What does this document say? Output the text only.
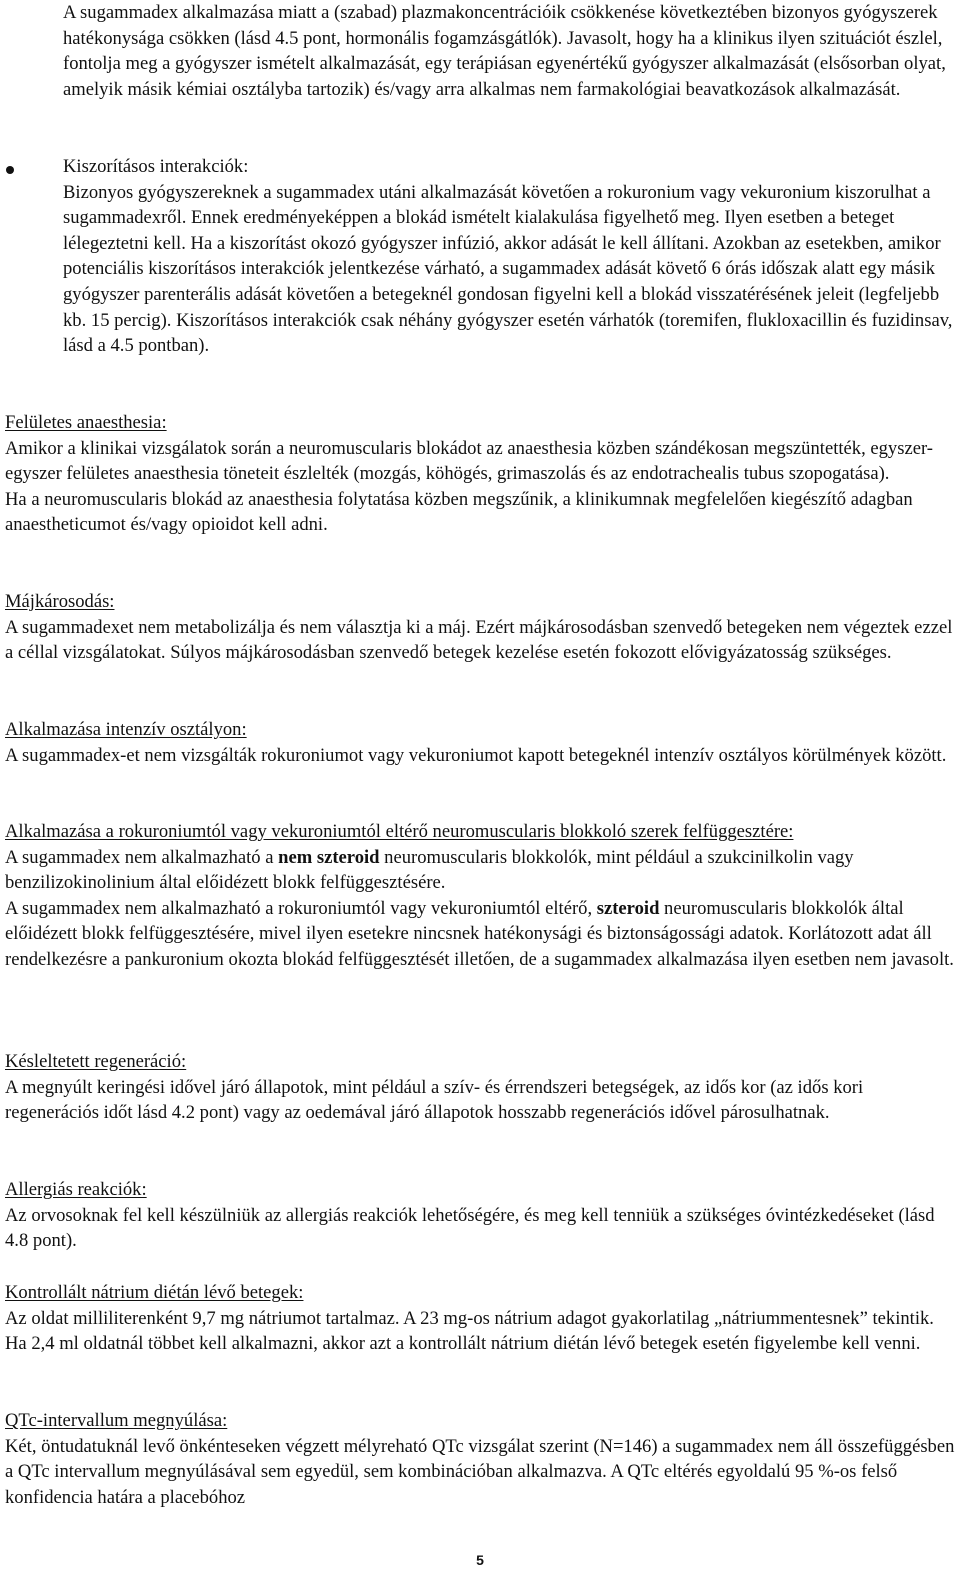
A sugammadex alkalmazása miatt a (szabad) plazmakoncentrációik csökkenése következtében bizonyos gyógyszerek hatékonysága csökken (lásd 4.5 pont, hormonális fogamzásgátlók). Javasolt, hogy ha a klinikus ilyen szituációt észlel, fontolja meg a gyógyszer ismételt alkalmazását, egy terápiásan egyenértékű gyógyszer alkalmazását (elsősorban olyat, amelyik másik kémiai osztályba tartozik) és/vagy arra alkalmas nem farmakológiai beavatkozások alkalmazását.

Kiszorításos interakciók:

Bizonyos gyógyszereknek a sugammadex utáni alkalmazását követően a rokuronium vagy vekuronium kiszorulhat a sugammadexről. Ennek eredményeképpen a blokád ismételt kialakulása figyelhető meg. Ilyen esetben a beteget lélegeztetni kell. Ha a kiszorítást okozó gyógyszer infúzió, akkor adását le kell állítani. Azokban az esetekben, amikor potenciális kiszorításos interakciók jelentkezése várható, a sugammadex adását követő 6 órás időszak alatt egy másik gyógyszer parenterális adását követően a betegeknél gondosan figyelni kell a blokád visszatérésének jeleit (legfeljebb kb. 15 percig). Kiszorításos interakciók csak néhány gyógyszer esetén várhatók (toremifen, flukloxacillin és fuzidinsav, lásd a 4.5 pontban).

Felületes anaesthesia:

Amikor a klinikai vizsgálatok során a neuromuscularis blokádot az anaesthesia közben szándékosan megszüntették, egyszer-egyszer felületes anaesthesia töneteit észlelték (mozgás, köhögés, grimaszolás és az endotrachealis tubus szopogatása).

Ha a neuromuscularis blokád az anaesthesia folytatása közben megszűnik, a klinikumnak megfelelően kiegészítő adagban anaestheticumot és/vagy opioidot kell adni.

Májkárosodás:

A sugammadexet nem metabolizálja és nem választja ki a máj. Ezért májkárosodásban szenvedő betegeken nem végeztek ezzel a céllal vizsgálatokat. Súlyos májkárosodásban szenvedő betegek kezelése esetén fokozott elővigyázatosság szükséges.

Alkalmazása intenzív osztályon:

A sugammadex-et nem vizsgálták rokuroniumot vagy vekuroniumot kapott betegeknél intenzív osztályos körülmények között.

Alkalmazása a rokuroniumtól vagy vekuroniumtól eltérő neuromuscularis blokkoló szerek felfüggesztére:

A sugammadex nem alkalmazható a nem szteroid neuromuscularis blokkolók, mint például a szukcinilkolin vagy benzilizokinolinium által előidézett blokk felfüggesztésére.

A sugammadex nem alkalmazható a rokuroniumtól vagy vekuroniumtól eltérő, szteroid neuromuscularis blokkolók által előidézett blokk felfüggesztésére, mivel ilyen esetekre nincsnek hatékonysági és biztonságossági adatok. Korlátozott adat áll rendelkezésre a pankuronium okozta blokád felfüggesztését illetően, de a sugammadex alkalmazása ilyen esetben nem javasolt.

Késleltetett regeneráció:

A megnyúlt keringési idővel járó állapotok, mint például a szív- és érrendszeri betegségek, az idős kor (az idős kori regenerációs időt lásd 4.2 pont) vagy az oedemával járó állapotok hosszabb regenerációs idővel párosulhatnak.

Allergiás reakciók:

Az orvosoknak fel kell készülniük az allergiás reakciók lehetőségére, és meg kell tenniük a szükséges óvintézkedéseket (lásd 4.8 pont).

Kontrollált nátrium diétán lévő betegek:

Az oldat milliliterenként 9,7 mg nátriumot tartalmaz. A 23 mg-os nátrium adagot gyakorlatilag „nátriummentesnek” tekintik. Ha 2,4 ml oldatnál többet kell alkalmazni, akkor azt a kontrollált nátrium diétán lévő betegek esetén figyelembe kell venni.

QTc-intervallum megnyúlása:

Két, öntudatuknál levő önkénteseken végzett mélyreható QTc vizsgálat szerint (N=146) a sugammadex nem áll összefüggésben a QTc intervallum megnyúlásával sem egyedül, sem kombinációban alkalmazva. A QTc eltérés egyoldalú 95 %-os felső konfidencia határa a placebóhoz

5
